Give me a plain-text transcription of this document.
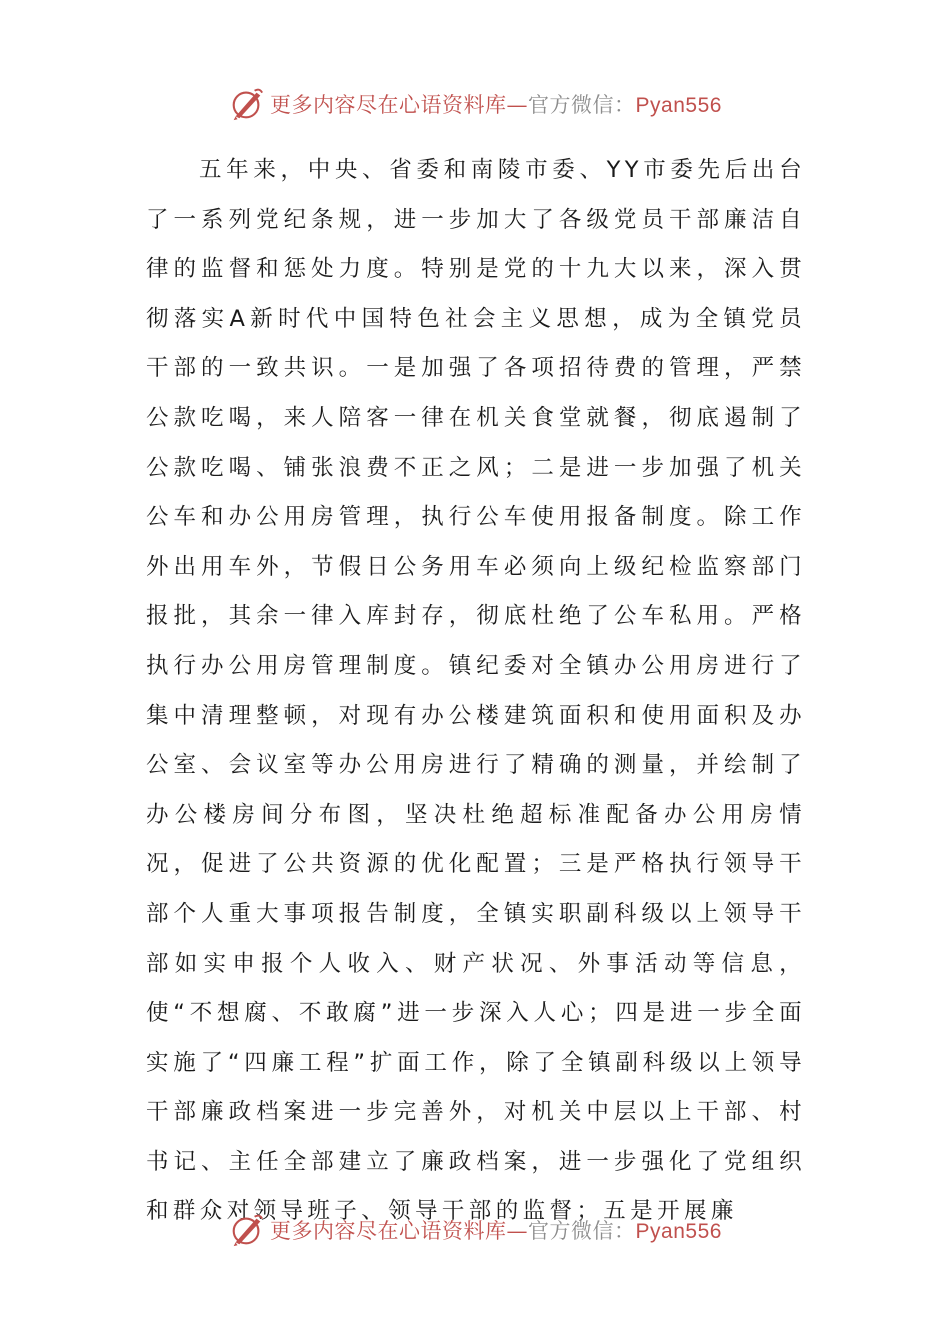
更多内容尽在心语资料库—官方微信：Pyan556

五年来，中央、省委和南陵市委、YY市委先后出台了一系列党纪条规，进一步加大了各级党员干部廉洁自律的监督和惩处力度。特别是党的十九大以来，深入贯彻落实A新时代中国特色社会主义思想，成为全镇党员干部的一致共识。一是加强了各项招待费的管理，严禁公款吃喝，来人陪客一律在机关食堂就餐，彻底遏制了公款吃喝、铺张浪费不正之风；二是进一步加强了机关公车和办公用房管理，执行公车使用报备制度。除工作外出用车外，节假日公务用车必须向上级纪检监察部门报批，其余一律入库封存，彻底杜绝了公车私用。严格执行办公用房管理制度。镇纪委对全镇办公用房进行了集中清理整顿，对现有办公楼建筑面积和使用面积及办公室、会议室等办公用房进行了精确的测量，并绘制了办公楼房间分布图，坚决杜绝超标准配备办公用房情况，促进了公共资源的优化配置；三是严格执行领导干部个人重大事项报告制度，全镇实职副科级以上领导干部如实申报个人收入、财产状况、外事活动等信息，使“不想腐、不敢腐”进一步深入人心；四是进一步全面实施了“四廉工程”扩面工作，除了全镇副科级以上领导干部廉政档案进一步完善外，对机关中层以上干部、村书记、主任全部建立了廉政档案，进一步强化了党组织和群众对领导班子、领导干部的监督；五是开展廉

更多内容尽在心语资料库—官方微信：Pyan556
